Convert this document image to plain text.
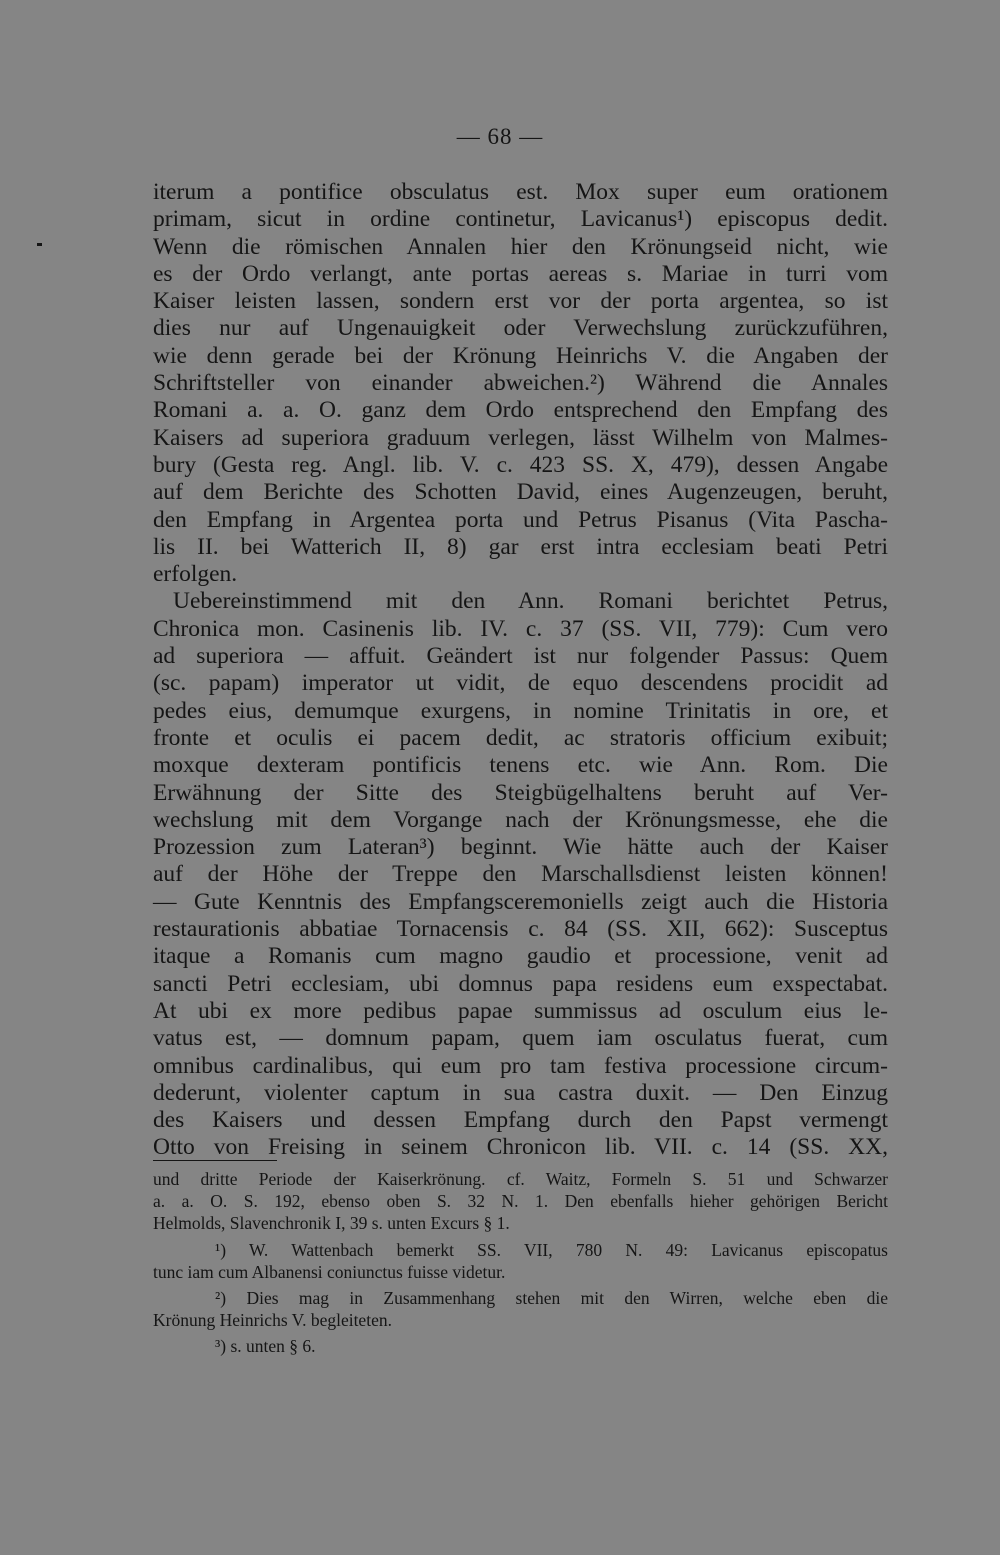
— 68 —
iterum a pontifice obsculatus est. Mox super eum orationem
primam, sicut in ordine continetur, Lavicanus¹) episcopus dedit.
Wenn die römischen Annalen hier den Krönungseid nicht, wie
es der Ordo verlangt, ante portas aereas s. Mariae in turri vom
Kaiser leisten lassen, sondern erst vor der porta argentea, so ist
dies nur auf Ungenauigkeit oder Verwechslung zurückzuführen,
wie denn gerade bei der Krönung Heinrichs V. die Angaben der
Schriftsteller von einander abweichen.²) Während die Annales
Romani a. a. O. ganz dem Ordo entsprechend den Empfang des
Kaisers ad superiora graduum verlegen, lässt Wilhelm von Malmes-
bury (Gesta reg. Angl. lib. V. c. 423 SS. X, 479), dessen Angabe
auf dem Berichte des Schotten David, eines Augenzeugen, beruht,
den Empfang in Argentea porta und Petrus Pisanus (Vita Pascha-
lis II. bei Watterich II, 8) gar erst intra ecclesiam beati Petri
erfolgen.
Uebereinstimmend mit den Ann. Romani berichtet Petrus,
Chronica mon. Casinenis lib. IV. c. 37 (SS. VII, 779): Cum vero
ad superiora — affuit. Geändert ist nur folgender Passus: Quem
(sc. papam) imperator ut vidit, de equo descendens procidit ad
pedes eius, demumque exurgens, in nomine Trinitatis in ore, et
fronte et oculis ei pacem dedit, ac stratoris officium exibuit;
moxque dexteram pontificis tenens etc. wie Ann. Rom. Die
Erwähnung der Sitte des Steigbügelhaltens beruht auf Ver-
wechslung mit dem Vorgange nach der Krönungsmesse, ehe die
Prozession zum Lateran³) beginnt. Wie hätte auch der Kaiser
auf der Höhe der Treppe den Marschallsdienst leisten können!
— Gute Kenntnis des Empfangsceremoniells zeigt auch die Historia
restaurationis abbatiae Tornacensis c. 84 (SS. XII, 662): Susceptus
itaque a Romanis cum magno gaudio et processione, venit ad
sancti Petri ecclesiam, ubi domnus papa residens eum exspectabat.
At ubi ex more pedibus papae summissus ad osculum eius le-
vatus est, — domnum papam, quem iam osculatus fuerat, cum
omnibus cardinalibus, qui eum pro tam festiva processione circum-
dederunt, violenter captum in sua castra duxit. — Den Einzug
des Kaisers und dessen Empfang durch den Papst vermengt
Otto von Freising in seinem Chronicon lib. VII. c. 14 (SS. XX,
und dritte Periode der Kaiserkrönung. cf. Waitz, Formeln S. 51 und Schwarzer
a. a. O. S. 192, ebenso oben S. 32 N. 1. Den ebenfalls hieher gehörigen Bericht
Helmolds, Slavenchronik I, 39 s. unten Excurs § 1.
¹) W. Wattenbach bemerkt SS. VII, 780 N. 49: Lavicanus episcopatus
tunc iam cum Albanensi coniunctus fuisse videtur.
²) Dies mag in Zusammenhang stehen mit den Wirren, welche eben die
Krönung Heinrichs V. begleiteten.
³) s. unten § 6.
